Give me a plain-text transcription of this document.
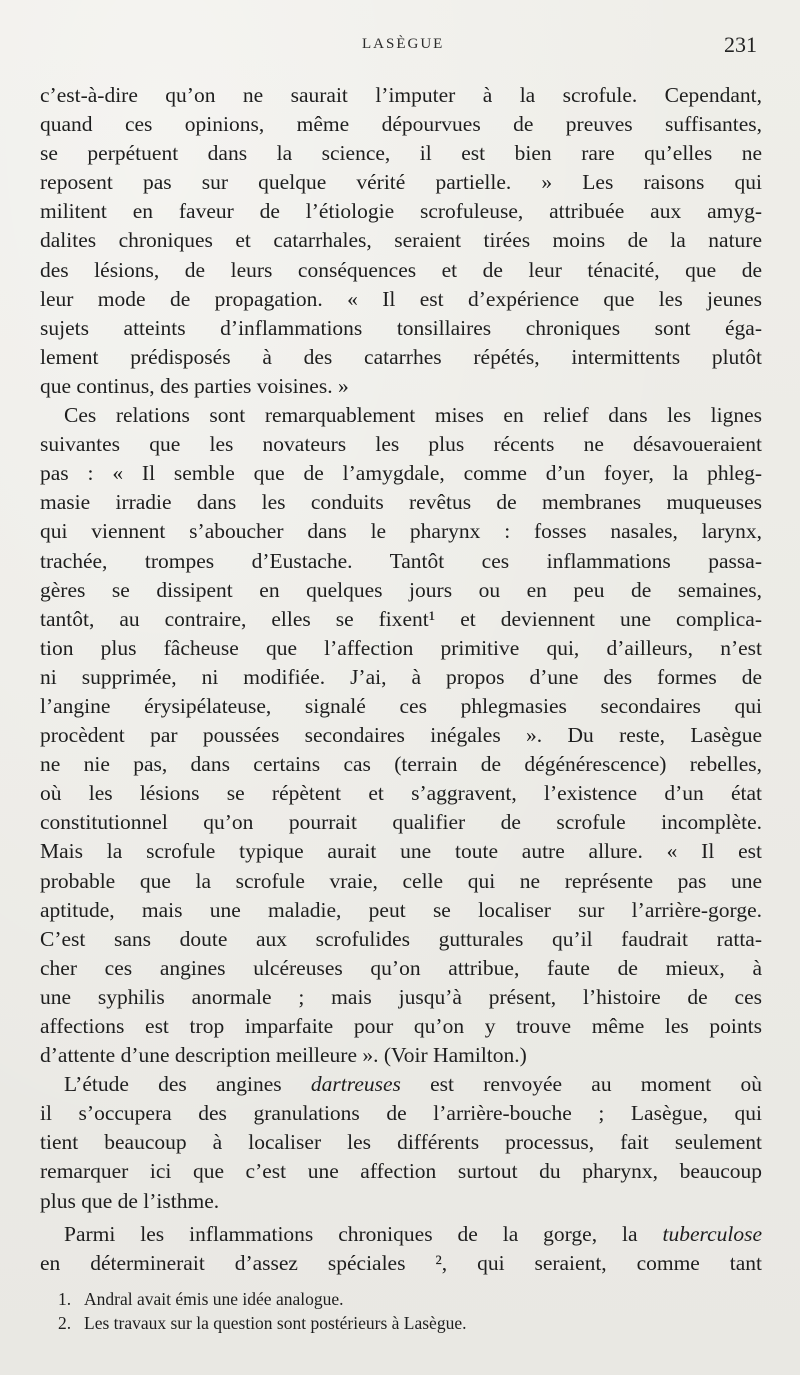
LASÈGUE	231
c’est-à-dire qu’on ne saurait l’imputer à la scrofule. Cependant,
quand ces opinions, même dépourvues de preuves suffisantes,
se perpétuent dans la science, il est bien rare qu’elles ne
reposent pas sur quelque vérité partielle. » Les raisons qui
militent en faveur de l’étiologie scrofuleuse, attribuée aux amyg-
dalites chroniques et catarrhales, seraient tirées moins de la nature
des lésions, de leurs conséquences et de leur ténacité, que de
leur mode de propagation. « Il est d’expérience que les jeunes
sujets atteints d’inflammations tonsillaires chroniques sont éga-
lement prédisposés à des catarrhes répétés, intermittents plutôt
que continus, des parties voisines. »
Ces relations sont remarquablement mises en relief dans les lignes
suivantes que les novateurs les plus récents ne désavoueraient
pas : « Il semble que de l’amygdale, comme d’un foyer, la phleg-
masie irradie dans les conduits revêtus de membranes muqueuses
qui viennent s’aboucher dans le pharynx : fosses nasales, larynx,
trachée, trompes d’Eustache. Tantôt ces inflammations passa-
gères se dissipent en quelques jours ou en peu de semaines,
tantôt, au contraire, elles se fixent¹ et deviennent une complica-
tion plus fâcheuse que l’affection primitive qui, d’ailleurs, n’est
ni supprimée, ni modifiée. J’ai, à propos d’une des formes de
l’angine érysipélateuse, signalé ces phlegmasies secondaires qui
procèdent par poussées secondaires inégales ». Du reste, Lasègue
ne nie pas, dans certains cas (terrain de dégénérescence) rebelles,
où les lésions se répètent et s’aggravent, l’existence d’un état
constitutionnel qu’on pourrait qualifier de scrofule incomplète.
Mais la scrofule typique aurait une toute autre allure. « Il est
probable que la scrofule vraie, celle qui ne représente pas une
aptitude, mais une maladie, peut se localiser sur l’arrière-gorge.
C’est sans doute aux scrofulides gutturales qu’il faudrait ratta-
cher ces angines ulcéreuses qu’on attribue, faute de mieux, à
une syphilis anormale ; mais jusqu’à présent, l’histoire de ces
affections est trop imparfaite pour qu’on y trouve même les points
d’attente d’une description meilleure ». (Voir Hamilton.)
L’étude des angines dartreuses est renvoyée au moment où
il s’occupera des granulations de l’arrière-bouche ; Lasègue, qui
tient beaucoup à localiser les différents processus, fait seulement
remarquer ici que c’est une affection surtout du pharynx, beaucoup
plus que de l’isthme.
Parmi les inflammations chroniques de la gorge, la tuberculose
en déterminerait d’assez spéciales ², qui seraient, comme tant
1. Andral avait émis une idée analogue.
2. Les travaux sur la question sont postérieurs à Lasègue.
